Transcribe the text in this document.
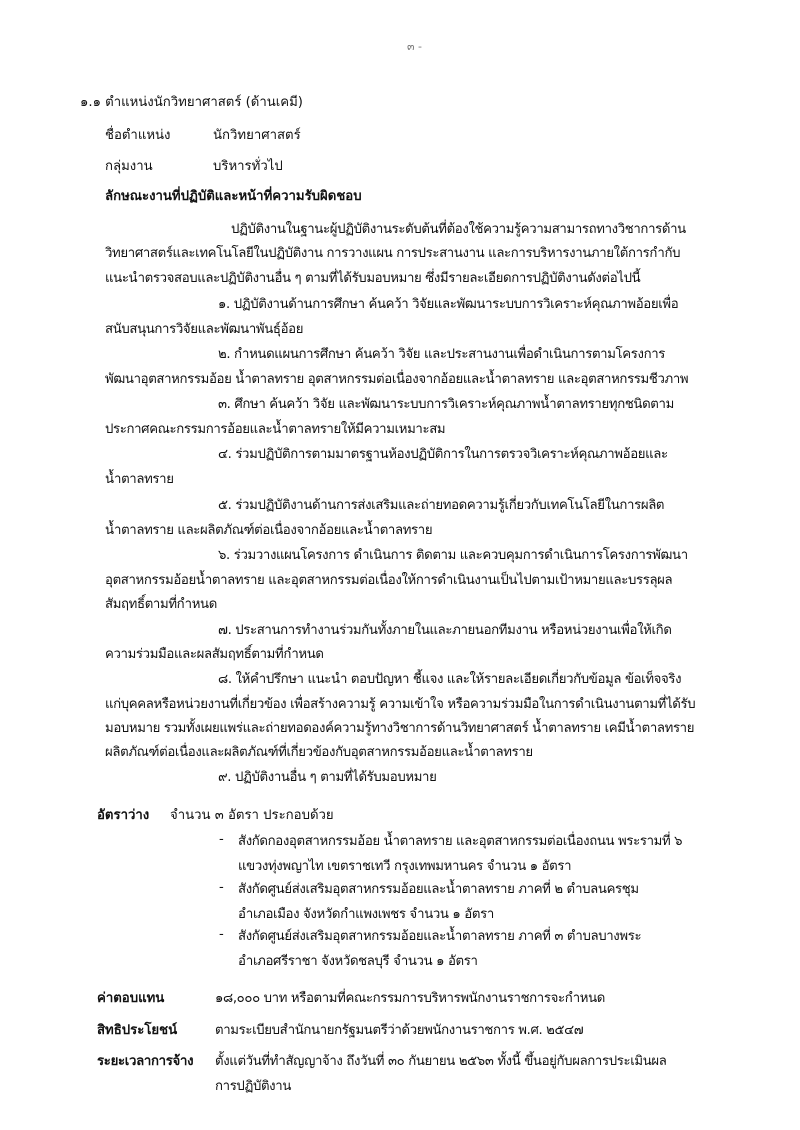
๓ -
๑.๑ ตำแหน่งนักวิทยาศาสตร์ (ด้านเคมี)
ชื่อตำแหน่ง	นักวิทยาศาสตร์
กลุ่มงาน	บริหารทั่วไป
ลักษณะงานที่ปฏิบัติและหน้าที่ความรับผิดชอบ
ปฏิบัติงานในฐานะผู้ปฏิบัติงานระดับต้นที่ต้องใช้ความรู้ความสามารถทางวิชาการด้าน
วิทยาศาสตร์และเทคโนโลยีในปฏิบัติงาน การวางแผน การประสานงาน และการบริหารงานภายใต้การกำกับ
แนะนำตรวจสอบและปฏิบัติงานอื่น ๆ ตามที่ได้รับมอบหมาย ซึ่งมีรายละเอียดการปฏิบัติงานดังต่อไปนี้
๑. ปฏิบัติงานด้านการศึกษา ค้นคว้า วิจัยและพัฒนาระบบการวิเคราะห์คุณภาพอ้อยเพื่อ
สนับสนุนการวิจัยและพัฒนาพันธุ์อ้อย
๒. กำหนดแผนการศึกษา ค้นคว้า วิจัย และประสานงานเพื่อดำเนินการตามโครงการ
พัฒนาอุตสาหกรรมอ้อย น้ำตาลทราย อุตสาหกรรมต่อเนื่องจากอ้อยและน้ำตาลทราย และอุตสาหกรรมชีวภาพ
๓. ศึกษา ค้นคว้า วิจัย และพัฒนาระบบการวิเคราะห์คุณภาพน้ำตาลทรายทุกชนิดตาม
ประกาศคณะกรรมการอ้อยและน้ำตาลทรายให้มีความเหมาะสม
๔. ร่วมปฏิบัติการตามมาตรฐานห้องปฏิบัติการในการตรวจวิเคราะห์คุณภาพอ้อยและ
น้ำตาลทราย
๕. ร่วมปฏิบัติงานด้านการส่งเสริมและถ่ายทอดความรู้เกี่ยวกับเทคโนโลยีในการผลิต
น้ำตาลทราย และผลิตภัณฑ์ต่อเนื่องจากอ้อยและน้ำตาลทราย
๖. ร่วมวางแผนโครงการ ดำเนินการ ติดตาม และควบคุมการดำเนินการโครงการพัฒนา
อุตสาหกรรมอ้อยน้ำตาลทราย และอุตสาหกรรมต่อเนื่องให้การดำเนินงานเป็นไปตามเป้าหมายและบรรลุผล
สัมฤทธิ์ตามที่กำหนด
๗. ประสานการทำงานร่วมกันทั้งภายในและภายนอกทีมงาน หรือหน่วยงานเพื่อให้เกิด
ความร่วมมือและผลสัมฤทธิ์ตามที่กำหนด
๘. ให้คำปรึกษา แนะนำ ตอบปัญหา ชี้แจง และให้รายละเอียดเกี่ยวกับข้อมูล ข้อเท็จจริง
แก่บุคคลหรือหน่วยงานที่เกี่ยวข้อง เพื่อสร้างความรู้ ความเข้าใจ หรือความร่วมมือในการดำเนินงานตามที่ได้รับ
มอบหมาย รวมทั้งเผยแพร่และถ่ายทอดองค์ความรู้ทางวิชาการด้านวิทยาศาสตร์ น้ำตาลทราย เคมีน้ำตาลทราย
ผลิตภัณฑ์ต่อเนื่องและผลิตภัณฑ์ที่เกี่ยวข้องกับอุตสาหกรรมอ้อยและน้ำตาลทราย
๙. ปฏิบัติงานอื่น ๆ ตามที่ได้รับมอบหมาย
อัตราว่าง จำนวน ๓ อัตรา ประกอบด้วย
- สังกัดกองอุตสาหกรรมอ้อย น้ำตาลทราย และอุตสาหกรรมต่อเนื่องถนน พระรามที่ ๖
แขวงทุ่งพญาไท เขตราชเทวี กรุงเทพมหานคร จำนวน ๑ อัตรา
- สังกัดศูนย์ส่งเสริมอุตสาหกรรมอ้อยและน้ำตาลทราย ภาคที่ ๒ ตำบลนครชุม
อำเภอเมือง จังหวัดกำแพงเพชร จำนวน ๑ อัตรา
- สังกัดศูนย์ส่งเสริมอุตสาหกรรมอ้อยและน้ำตาลทราย ภาคที่ ๓ ตำบลบางพระ
อำเภอศรีราชา จังหวัดชลบุรี จำนวน ๑ อัตรา
ค่าตอบแทน	๑๘,๐๐๐ บาท หรือตามที่คณะกรรมการบริหารพนักงานราชการจะกำหนด
สิทธิประโยชน์	ตามระเบียบสำนักนายกรัฐมนตรีว่าด้วยพนักงานราชการ พ.ศ. ๒๕๔๗
ระยะเวลาการจ้าง ตั้งแต่วันที่ทำสัญญาจ้าง ถึงวันที่ ๓๐ กันยายน ๒๕๖๓ ทั้งนี้ ขึ้นอยู่กับผลการประเมินผล
การปฏิบัติงาน
